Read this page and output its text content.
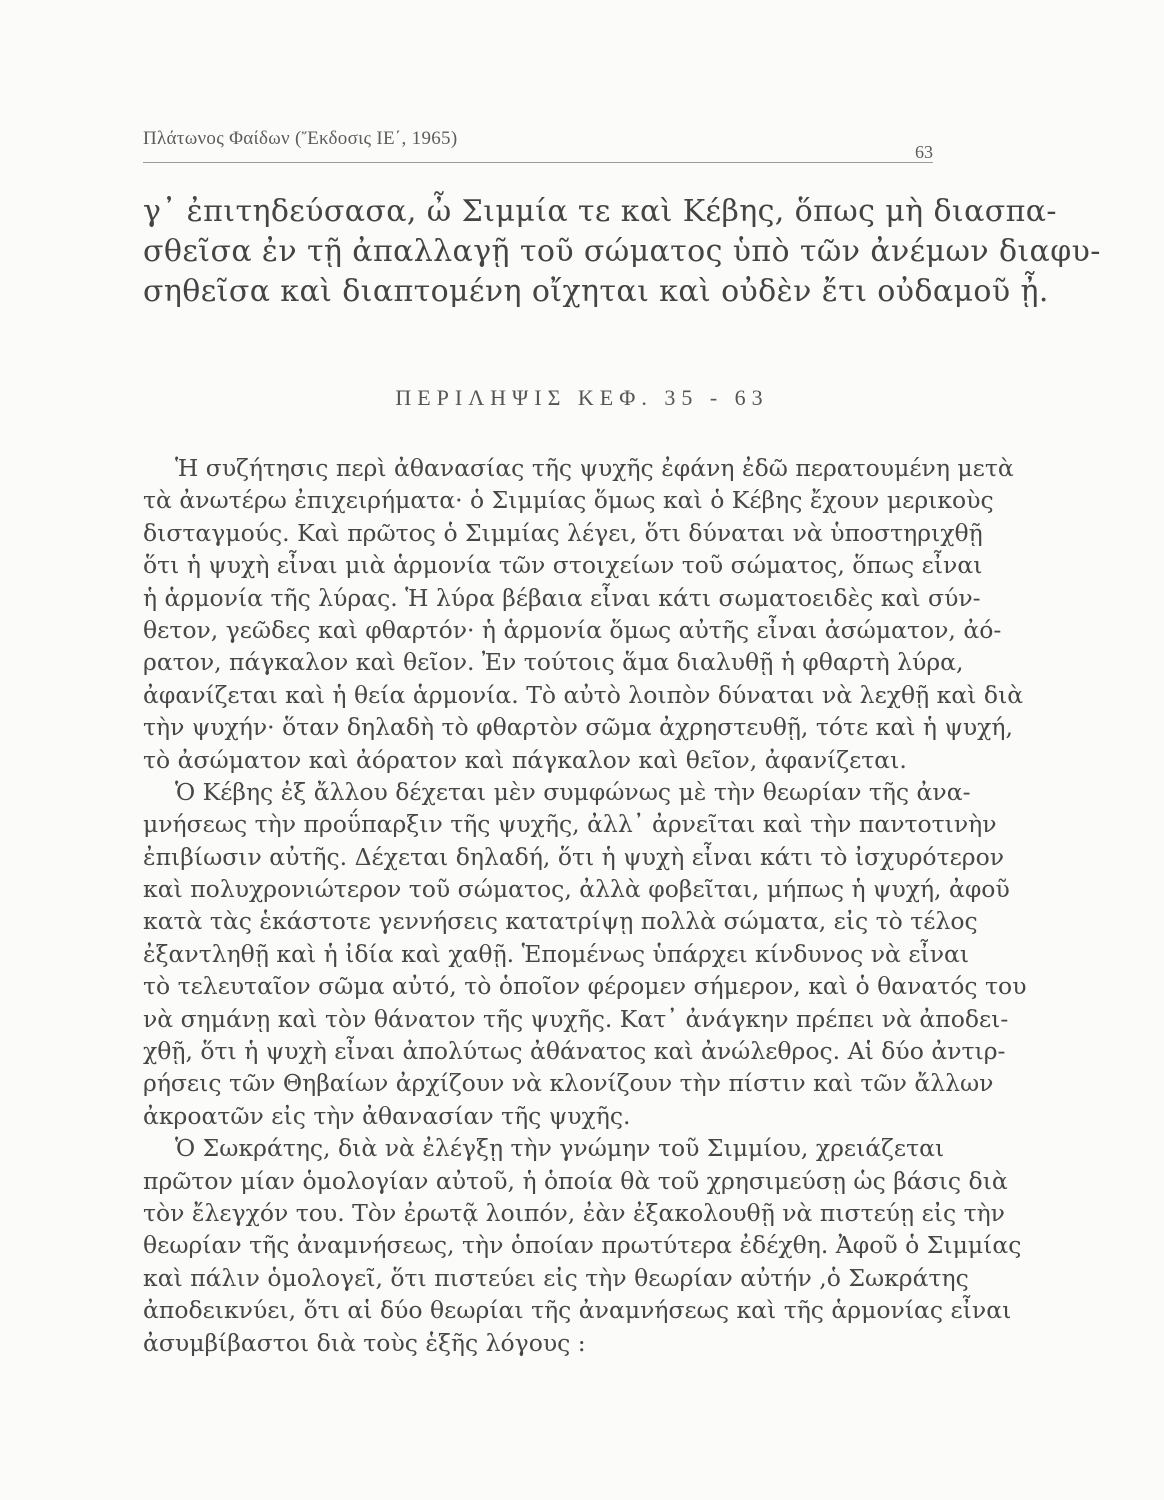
Πλάτωνος Φαίδων (Ἔκδοσις ΙΕ΄, 1965)
63
γ᾿ ἐπιτηδεύσασα, ὦ Σιμμία τε καὶ Κέβης, ὅπως μὴ διασπα-
σθεῖσα ἐν τῇ ἀπαλλαγῇ τοῦ σώματος ὑπὸ τῶν ἀνέμων διαφυ-
σηθεῖσα καὶ διαπτομένη οἴχηται καὶ οὐδὲν ἔτι οὐδαμοῦ ᾖ.
ΠΕΡΙΛΗΨΙΣ ΚΕΦ. 35 - 63
Ἡ συζήτησις περὶ ἀθανασίας τῆς ψυχῆς ἐφάνη ἐδῶ περατουμένη μετὰ
τὰ ἀνωτέρω ἐπιχειρήματα· ὁ Σιμμίας ὅμως καὶ ὁ Κέβης ἔχουν μερικοὺς
δισταγμούς. Καὶ πρῶτος ὁ Σιμμίας λέγει, ὅτι δύναται νὰ ὑποστηριχθῇ
ὅτι ἡ ψυχὴ εἶναι μιὰ ἁρμονία τῶν στοιχείων τοῦ σώματος, ὅπως εἶναι
ἡ ἁρμονία τῆς λύρας. Ἡ λύρα βέβαια εἶναι κάτι σωματοειδὲς καὶ σύν-
θετον, γεῶδες καὶ φθαρτόν· ἡ ἁρμονία ὅμως αὐτῆς εἶναι ἀσώματον, ἀό-
ρατον, πάγκαλον καὶ θεῖον. Ἐν τούτοις ἅμα διαλυθῇ ἡ φθαρτὴ λύρα,
ἀφανίζεται καὶ ἡ θεία ἁρμονία. Τὸ αὐτὸ λοιπὸν δύναται νὰ λεχθῇ καὶ διὰ
τὴν ψυχήν· ὅταν δηλαδὴ τὸ φθαρτὸν σῶμα ἀχρηστευθῇ, τότε καὶ ἡ ψυχή,
τὸ ἀσώματον καὶ ἀόρατον καὶ πάγκαλον καὶ θεῖον, ἀφανίζεται.
Ὁ Κέβης ἐξ ἄλλου δέχεται μὲν συμφώνως μὲ τὴν θεωρίαν τῆς ἀνα-
μνήσεως τὴν προΰπαρξιν τῆς ψυχῆς, ἀλλ᾿ ἀρνεῖται καὶ τὴν παντοτινὴν
ἐπιβίωσιν αὐτῆς. Δέχεται δηλαδή, ὅτι ἡ ψυχὴ εἶναι κάτι τὸ ἰσχυρότερον
καὶ πολυχρονιώτερον τοῦ σώματος, ἀλλὰ φοβεῖται, μήπως ἡ ψυχή, ἀφοῦ
κατὰ τὰς ἑκάστοτε γεννήσεις κατατρίψῃ πολλὰ σώματα, εἰς τὸ τέλος
ἐξαντληθῇ καὶ ἡ ἰδία καὶ χαθῇ. Ἑπομένως ὑπάρχει κίνδυνος νὰ εἶναι
τὸ τελευταῖον σῶμα αὐτό, τὸ ὁποῖον φέρομεν σήμερον, καὶ ὁ θανατός του
νὰ σημάνῃ καὶ τὸν θάνατον τῆς ψυχῆς. Κατ᾿ ἀνάγκην πρέπει νὰ ἀποδει-
χθῇ, ὅτι ἡ ψυχὴ εἶναι ἀπολύτως ἀθάνατος καὶ ἀνώλεθρος. Αἱ δύο ἀντιρ-
ρήσεις τῶν Θηβαίων ἀρχίζουν νὰ κλονίζουν τὴν πίστιν καὶ τῶν ἄλλων
ἀκροατῶν εἰς τὴν ἀθανασίαν τῆς ψυχῆς.
Ὁ Σωκράτης, διὰ νὰ ἐλέγξῃ τὴν γνώμην τοῦ Σιμμίου, χρειάζεται
πρῶτον μίαν ὁμολογίαν αὐτοῦ, ἡ ὁποία θὰ τοῦ χρησιμεύσῃ ὡς βάσις διὰ
τὸν ἔλεγχόν του. Τὸν ἐρωτᾷ λοιπόν, ἐὰν ἐξακολουθῇ νὰ πιστεύῃ εἰς τὴν
θεωρίαν τῆς ἀναμνήσεως, τὴν ὁποίαν πρωτύτερα ἐδέχθη. Ἀφοῦ ὁ Σιμμίας
καὶ πάλιν ὁμολογεῖ, ὅτι πιστεύει εἰς τὴν θεωρίαν αὐτήν ,ὁ Σωκράτης
ἀποδεικνύει, ὅτι αἱ δύο θεωρίαι τῆς ἀναμνήσεως καὶ τῆς ἁρμονίας εἶναι
ἀσυμβίβαστοι διὰ τοὺς ἑξῆς λόγους :
